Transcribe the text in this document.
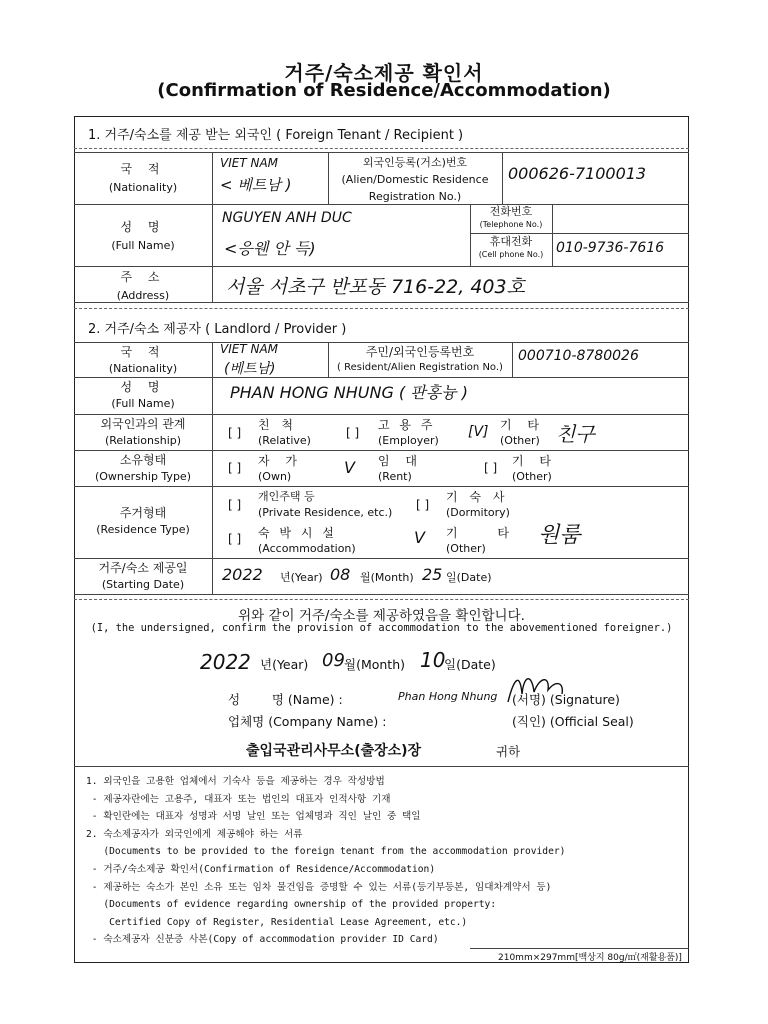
거주/숙소제공 확인서
(Confirmation of Residence/Accommodation)
1. 거주/숙소를 제공 받는 외국인 ( Foreign Tenant / Recipient )
국 적
(Nationality)
VIET NAM
< 베트남 )
외국인등록(거소)번호
(Alien/Domestic Residence
Registration No.)
000626-7100013
성 명
(Full Name)
NGUYEN ANH DUC
<응웬 안 득)
전화번호
(Telephone No.)
휴대전화
(Cell phone No.) 010-9736-7616
주 소
(Address)	서울 서초구 반포동 716-22, 403호
2. 거주/숙소 제공자 ( Landlord / Provider )
국 적
(Nationality)
VIET NAM
(베트남)
주민/외국인등록번호
( Resident/Alien Registration No.)
000710-8780026
성 명
(Full Name)
PHAN HONG NHUNG ( 판홍늉 )
외국인과의 관계
(Relationship)
[ ]
친 척
(Relative)
[ ]
고 용 주
(Employer)
[V] 기 타
(Other) 친구
소유형태
(Ownership Type)
[ ] 자 가
(Own)	V 임 대
(Rent)
[ ] 기 타
(Other)
주거형태
(Residence Type)
[ ]
개인주택 등
(Private Residence, etc.)
[ ]
기 숙 사
(Dormitory)
[ ] 숙 박 시 설
(Accommodation)
V 기 타
(Other)
원룸
거주/숙소 제공일
(Starting Date)
2022 년(Year) 08 월(Month) 25 일(Date)
위와 같이 거주/숙소를 제공하였음을 확인합니다.
(I, the undersigned, confirm the provision of accommodation to the abovementioned foreigner.)
2022 년(Year) 09 월(Month) 10
일(Date)
성        명 (Name) :	Phan Hong Nhung (서명) (Signature)
업체명 (Company Name) :	(직인) (Official Seal)
출입국관리사무소(출장소)장	귀하
1. 외국인을 고용한 업체에서 기숙사 등을 제공하는 경우 작성방법
- 제공자란에는 고용주, 대표자 또는 법인의 대표자 인적사항 기재
- 확인란에는 대표자 성명과 서명 날인 또는 업체명과 직인 날인 중 택일
2. 숙소제공자가 외국인에게 제공해야 하는 서류
(Documents to be provided to the foreign tenant from the accommodation provider)
- 거주/숙소제공 확인서(Confirmation of Residence/Accommodation)
- 제공하는 숙소가 본인 소유 또는 임차 물건임을 증명할 수 있는 서류(등기부등본, 임대차계약서 등)
(Documents of evidence regarding ownership of the provided property:
Certified Copy of Register, Residential Lease Agreement, etc.)
- 숙소제공자 신분증 사본(Copy of accommodation provider ID Card)
210mm×297mm[백상지 80g/㎡(재활용품)]
